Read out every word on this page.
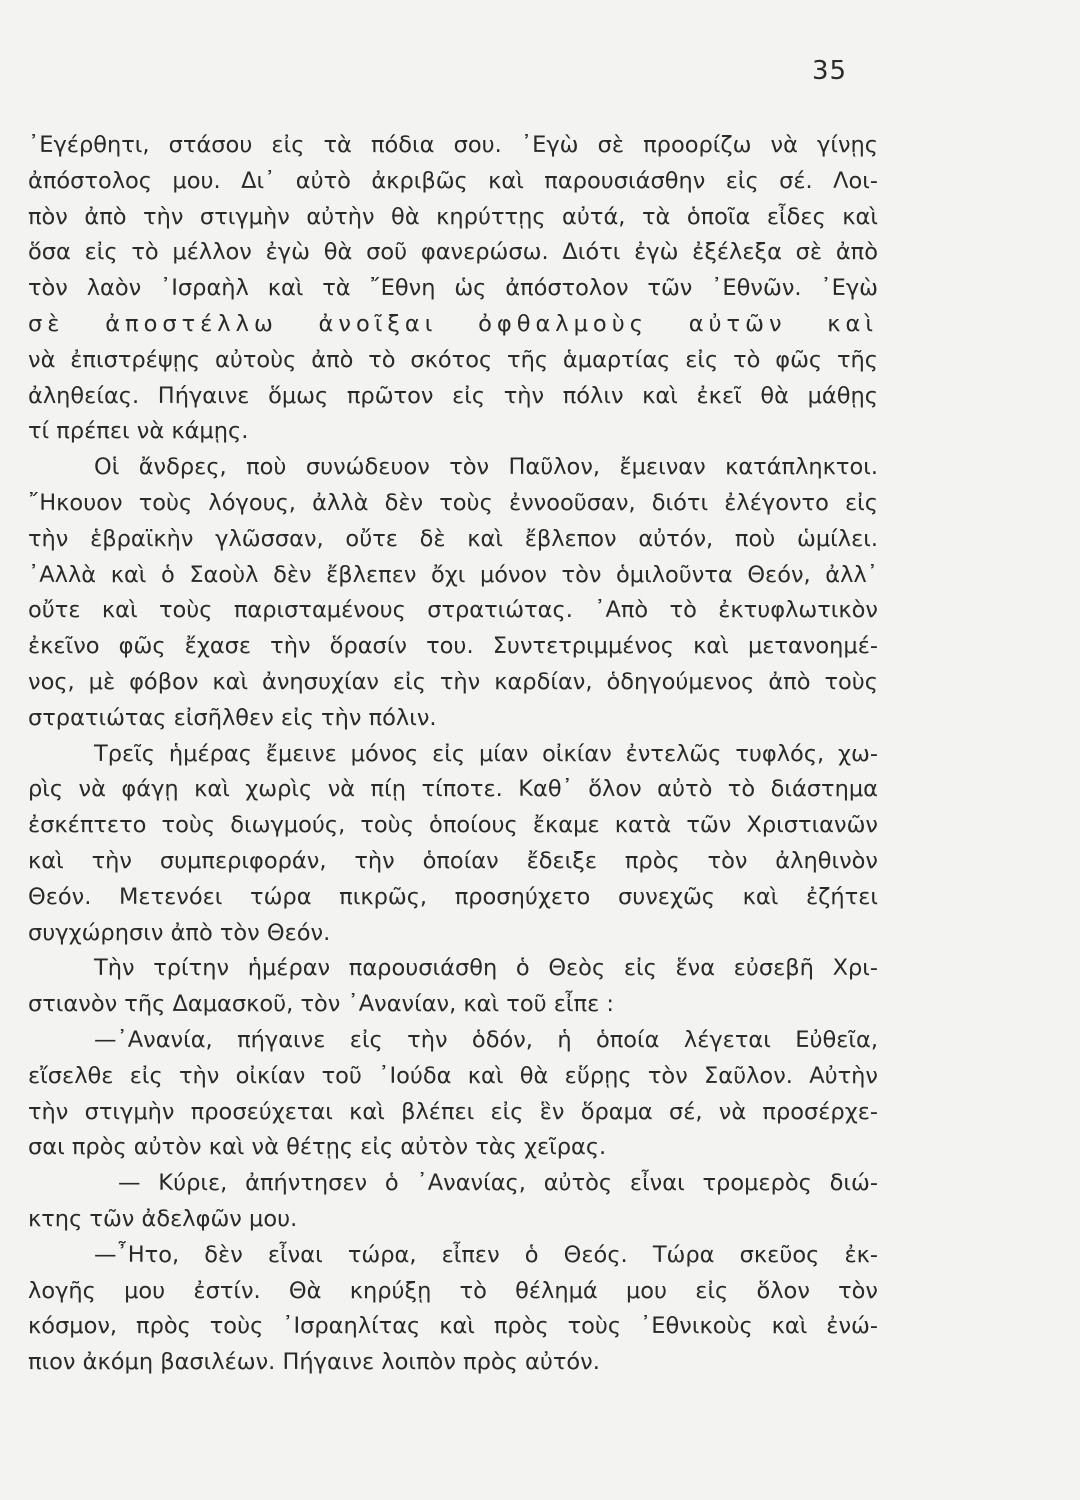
35
᾿Εγέρθητι, στάσου εἰς τὰ πόδια σου. ᾿Εγὼ σὲ προορίζω νὰ γίνῃς
ἀπόστολος μου. Δι᾿ αὐτὸ ἀκριβῶς καὶ παρουσιάσθην εἰς σέ. Λοι-
πὸν ἀπὸ τὴν στιγμὴν αὐτὴν θὰ κηρύττῃς αὐτά, τὰ ὁποῖα εἶδες καὶ
ὅσα εἰς τὸ μέλλον ἐγὼ θὰ σοῦ φανερώσω. Διότι ἐγὼ ἐξέλεξα σὲ ἀπὸ
τὸν λαὸν ᾿Ισραὴλ καὶ τὰ ῎Εθνη ὡς ἀπόστολον τῶν ᾿Εθνῶν. ᾿Εγὼ
σὲ ἀποστέλλω ἀνοῖξαι ὀφθαλμοὺς αὐτῶν καὶ
νὰ ἐπιστρέψῃς αὐτοὺς ἀπὸ τὸ σκότος τῆς ἁμαρτίας εἰς τὸ φῶς τῆς
ἀληθείας. Πήγαινε ὅμως πρῶτον εἰς τὴν πόλιν καὶ ἐκεῖ θὰ μάθῃς
τί πρέπει νὰ κάμῃς.
Οἱ ἄνδρες, ποὺ συνώδευον τὸν Παῦλον, ἔμειναν κατάπληκτοι.
῎Ηκουον τοὺς λόγους, ἀλλὰ δὲν τοὺς ἐννοοῦσαν, διότι ἐλέγοντο εἰς
τὴν ἑβραϊκὴν γλῶσσαν, οὔτε δὲ καὶ ἔβλεπον αὐτόν, ποὺ ὡμίλει.
᾿Αλλὰ καὶ ὁ Σαοὺλ δὲν ἔβλεπεν ὄχι μόνον τὸν ὁμιλοῦντα Θεόν, ἀλλ᾿
οὔτε καὶ τοὺς παρισταμένους στρατιώτας. ᾿Απὸ τὸ ἐκτυφλωτικὸν
ἐκεῖνο φῶς ἔχασε τὴν ὅρασίν του. Συντετριμμένος καὶ μετανοημέ-
νος, μὲ φόβον καὶ ἀνησυχίαν εἰς τὴν καρδίαν, ὁδηγούμενος ἀπὸ τοὺς
στρατιώτας εἰσῆλθεν εἰς τὴν πόλιν.
Τρεῖς ἡμέρας ἔμεινε μόνος εἰς μίαν οἰκίαν ἐντελῶς τυφλός, χω-
ρὶς νὰ φάγῃ καὶ χωρὶς νὰ πίῃ τίποτε. Καθ᾿ ὅλον αὐτὸ τὸ διάστημα
ἐσκέπτετο τοὺς διωγμούς, τοὺς ὁποίους ἔκαμε κατὰ τῶν Χριστιανῶν
καὶ τὴν συμπεριφοράν, τὴν ὁποίαν ἔδειξε πρὸς τὸν ἀληθινὸν
Θεόν. Μετενόει τώρα πικρῶς, προσηύχετο συνεχῶς καὶ ἐζήτει
συγχώρησιν ἀπὸ τὸν Θεόν.
Τὴν τρίτην ἡμέραν παρουσιάσθη ὁ Θεὸς εἰς ἕνα εὐσεβῆ Χρι-
στιανὸν τῆς Δαμασκοῦ, τὸν ᾿Ανανίαν, καὶ τοῦ εἶπε :
—᾿Ανανία, πήγαινε εἰς τὴν ὁδόν, ἡ ὁποία λέγεται Εὐθεῖα,
εἴσελθε εἰς τὴν οἰκίαν τοῦ ᾿Ιούδα καὶ θὰ εὕρῃς τὸν Σαῦλον. Αὐτὴν
τὴν στιγμὴν προσεύχεται καὶ βλέπει εἰς ἓν ὅραμα σέ, νὰ προσέρχε-
σαι πρὸς αὐτὸν καὶ νὰ θέτῃς εἰς αὐτὸν τὰς χεῖρας.
— Κύριε, ἀπήντησεν ὁ ᾿Ανανίας, αὐτὸς εἶναι τρομερὸς διώ-
κτης τῶν ἀδελφῶν μου.
—῏Ητο, δὲν εἶναι τώρα, εἶπεν ὁ Θεός. Τώρα σκεῦος ἐκ-
λογῆς μου ἐστίν. Θὰ κηρύξῃ τὸ θέλημά μου εἰς ὅλον τὸν
κόσμον, πρὸς τοὺς ᾿Ισραηλίτας καὶ πρὸς τοὺς ᾿Εθνικοὺς καὶ ἐνώ-
πιον ἀκόμη βασιλέων. Πήγαινε λοιπὸν πρὸς αὐτόν.
